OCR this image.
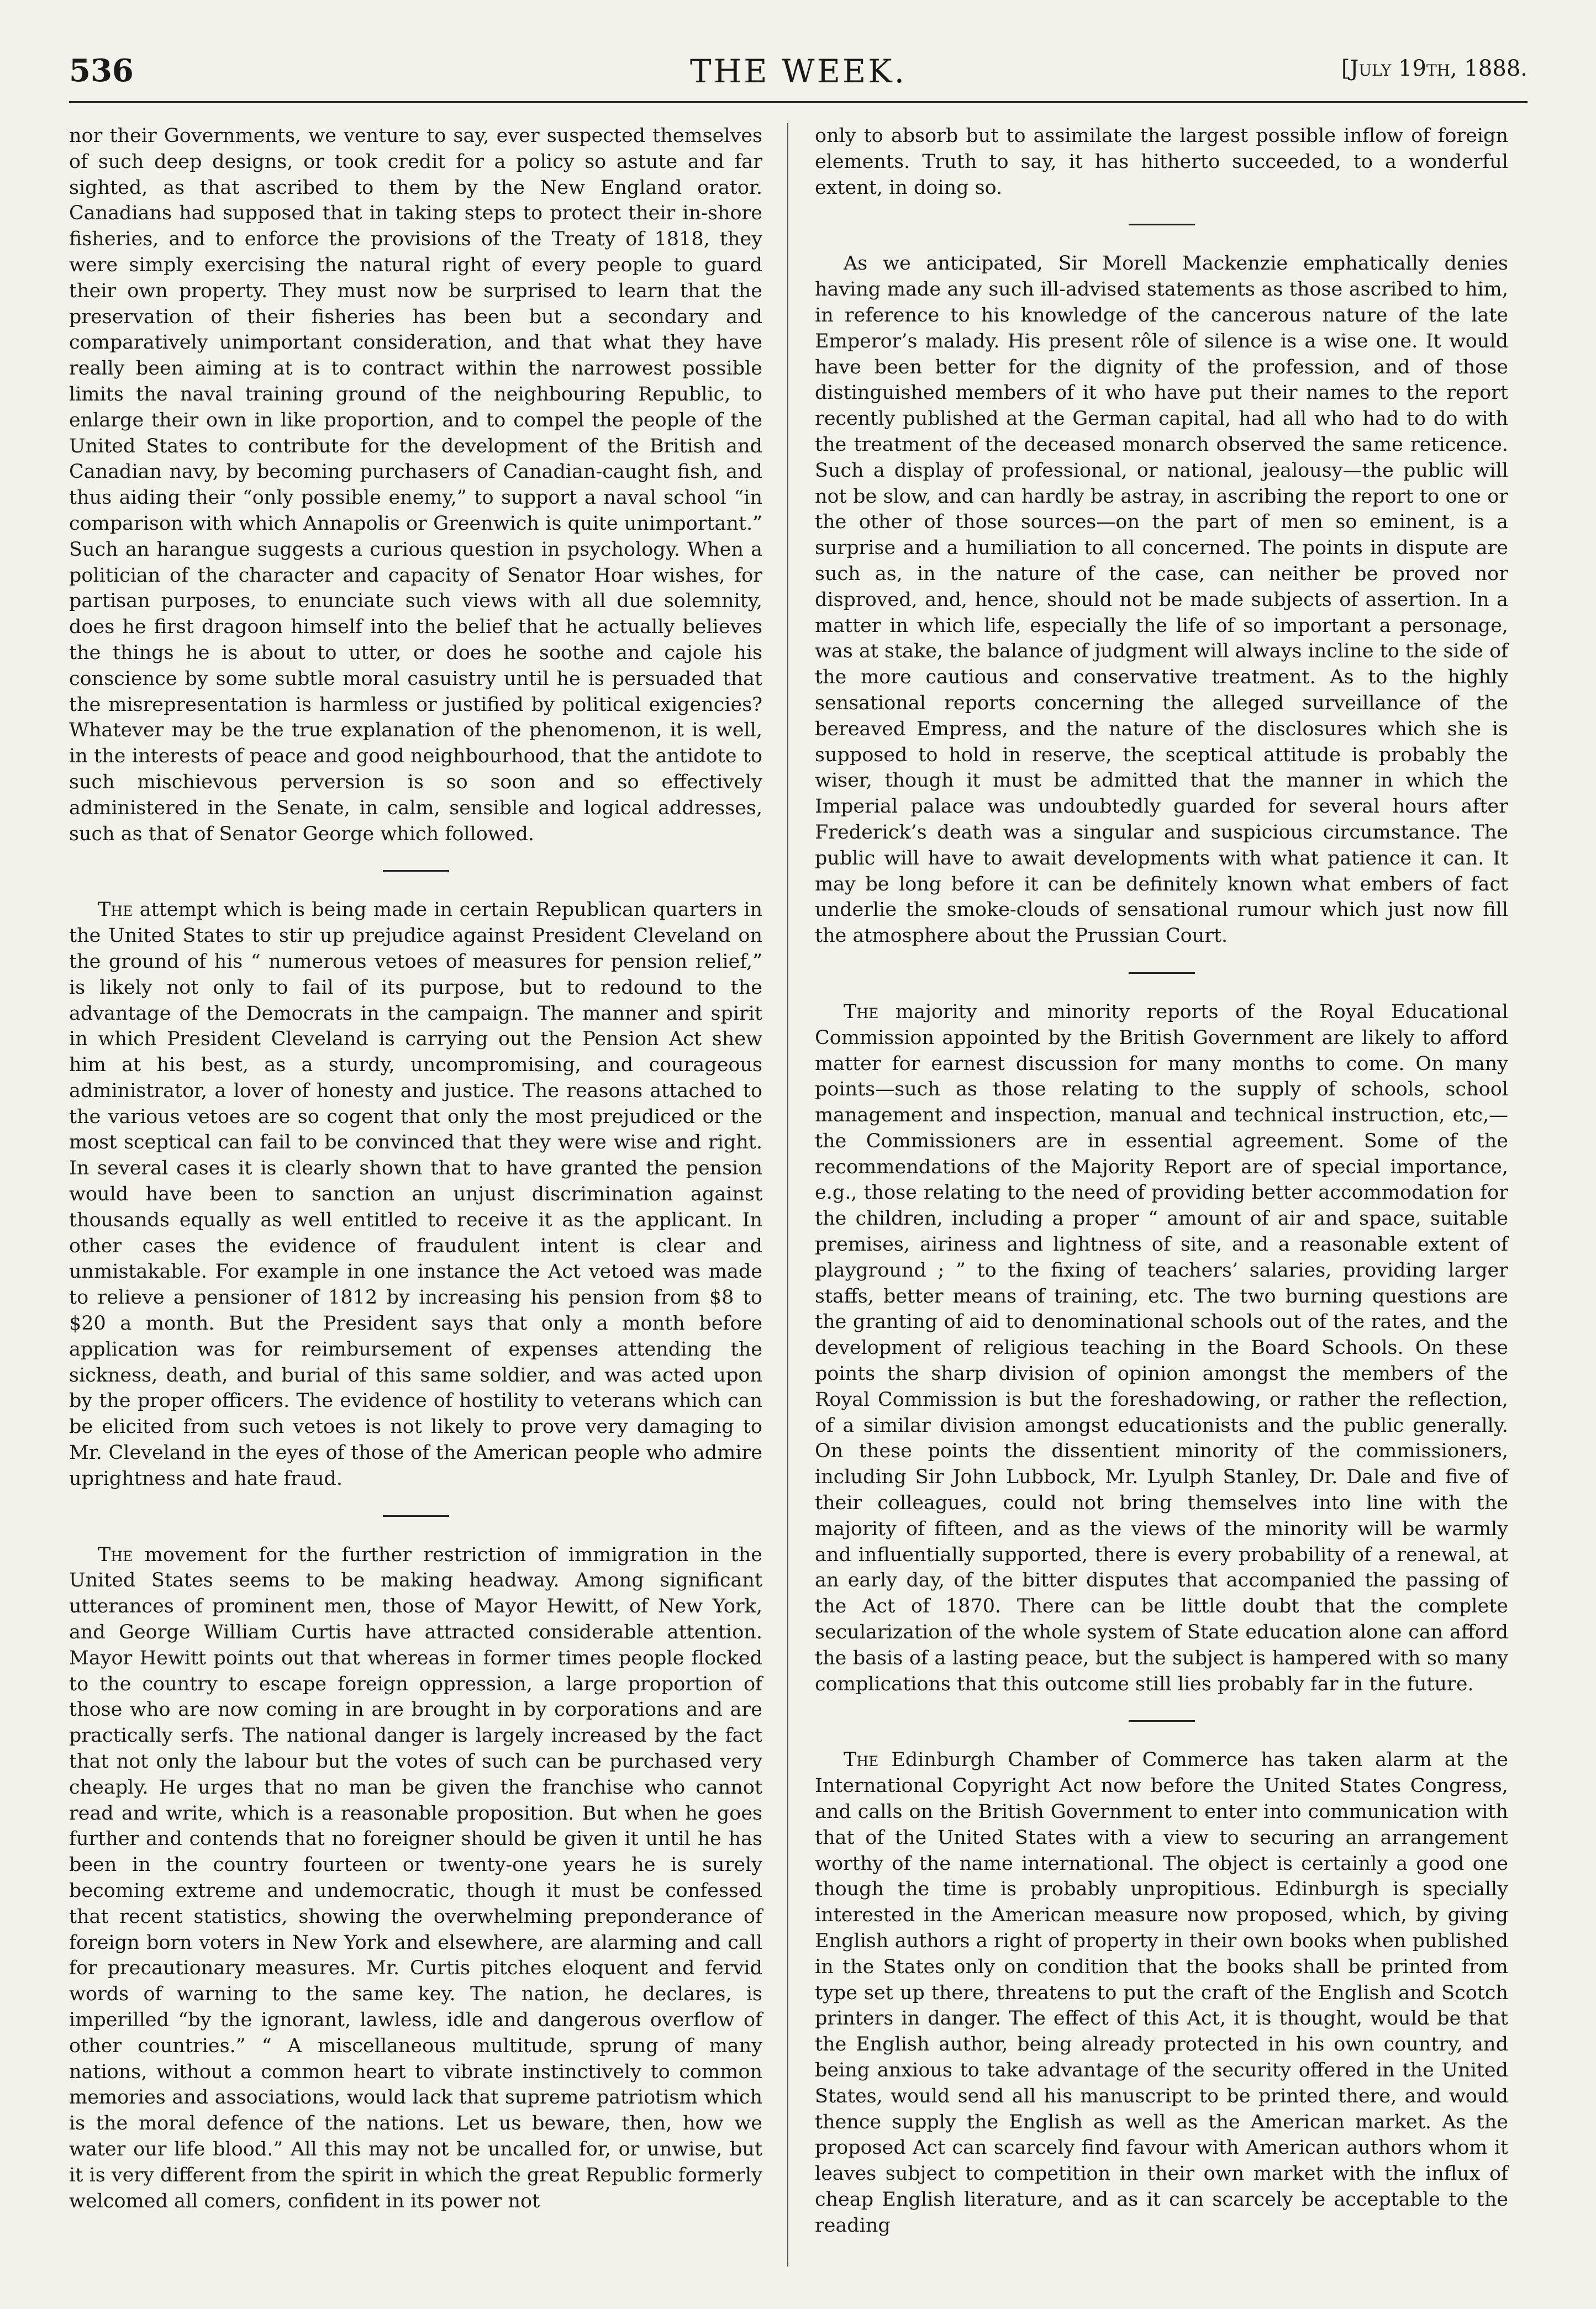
THE WEEK.
536	[July 19th, 1888.

nor their Governments, we venture to say, ever suspected themselves of such deep designs, or took credit for a policy so astute and far sighted, as that ascribed to them by the New England orator. Canadians had supposed that in taking steps to protect their in-shore fisheries, and to enforce the provisions of the Treaty of 1818, they were simply exercising the natural right of every people to guard their own property. They must now be surprised to learn that the preservation of their fisheries has been but a secondary and comparatively unimportant consideration, and that what they have really been aiming at is to contract within the narrowest possible limits the naval training ground of the neighbouring Republic, to enlarge their own in like proportion, and to compel the people of the United States to contribute for the development of the British and Canadian navy, by becoming purchasers of Canadian-caught fish, and thus aiding their “only possible enemy,” to support a naval school “in comparison with which Annapolis or Greenwich is quite unimportant.” Such an harangue suggests a curious question in psychology. When a politician of the character and capacity of Senator Hoar wishes, for partisan purposes, to enunciate such views with all due solemnity, does he first dragoon himself into the belief that he actually believes the things he is about to utter, or does he soothe and cajole his conscience by some subtle moral casuistry until he is persuaded that the misrepresentation is harmless or justified by political exigencies? Whatever may be the true explanation of the phenomenon, it is well, in the interests of peace and good neighbourhood, that the antidote to such mischievous perversion is so soon and so effectively administered in the Senate, in calm, sensible and logical addresses, such as that of Senator George which followed.

The attempt which is being made in certain Republican quarters in the United States to stir up prejudice against President Cleveland on the ground of his “ numerous vetoes of measures for pension relief,” is likely not only to fail of its purpose, but to redound to the advantage of the Democrats in the campaign. The manner and spirit in which President Cleveland is carrying out the Pension Act shew him at his best, as a sturdy, uncompromising, and courageous administrator, a lover of honesty and justice. The reasons attached to the various vetoes are so cogent that only the most prejudiced or the most sceptical can fail to be convinced that they were wise and right. In several cases it is clearly shown that to have granted the pension would have been to sanction an unjust discrimination against thousands equally as well entitled to receive it as the applicant. In other cases the evidence of fraudulent intent is clear and unmistakable. For example in one instance the Act vetoed was made to relieve a pensioner of 1812 by increasing his pension from $8 to $20 a month. But the President says that only a month before application was for reimbursement of expenses attending the sickness, death, and burial of this same soldier, and was acted upon by the proper officers. The evidence of hostility to veterans which can be elicited from such vetoes is not likely to prove very damaging to Mr. Cleveland in the eyes of those of the American people who admire uprightness and hate fraud.

The movement for the further restriction of immigration in the United States seems to be making headway. Among significant utterances of prominent men, those of Mayor Hewitt, of New York, and George William Curtis have attracted considerable attention. Mayor Hewitt points out that whereas in former times people flocked to the country to escape foreign oppression, a large proportion of those who are now coming in are brought in by corporations and are practically serfs. The national danger is largely increased by the fact that not only the labour but the votes of such can be purchased very cheaply. He urges that no man be given the franchise who cannot read and write, which is a reasonable proposition. But when he goes further and contends that no foreigner should be given it until he has been in the country fourteen or twenty-one years he is surely becoming extreme and undemocratic, though it must be confessed that recent statistics, showing the overwhelming preponderance of foreign born voters in New York and elsewhere, are alarming and call for precautionary measures. Mr. Curtis pitches eloquent and fervid words of warning to the same key. The nation, he declares, is imperilled “by the ignorant, lawless, idle and dangerous overflow of other countries.” “ A miscellaneous multitude, sprung of many nations, without a common heart to vibrate instinctively to common memories and associations, would lack that supreme patriotism which is the moral defence of the nations. Let us beware, then, how we water our life blood.” All this may not be uncalled for, or unwise, but it is very different from the spirit in which the great Republic formerly welcomed all comers, confident in its power not

only to absorb but to assimilate the largest possible inflow of foreign elements. Truth to say, it has hitherto succeeded, to a wonderful extent, in doing so.

As we anticipated, Sir Morell Mackenzie emphatically denies having made any such ill-advised statements as those ascribed to him, in reference to his knowledge of the cancerous nature of the late Emperor’s malady. His present rôle of silence is a wise one. It would have been better for the dignity of the profession, and of those distinguished members of it who have put their names to the report recently published at the German capital, had all who had to do with the treatment of the deceased monarch observed the same reticence. Such a display of professional, or national, jealousy—the public will not be slow, and can hardly be astray, in ascribing the report to one or the other of those sources—on the part of men so eminent, is a surprise and a humiliation to all concerned. The points in dispute are such as, in the nature of the case, can neither be proved nor disproved, and, hence, should not be made subjects of assertion. In a matter in which life, especially the life of so important a personage, was at stake, the balance of judgment will always incline to the side of the more cautious and conservative treatment. As to the highly sensational reports concerning the alleged surveillance of the bereaved Empress, and the nature of the disclosures which she is supposed to hold in reserve, the sceptical attitude is probably the wiser, though it must be admitted that the manner in which the Imperial palace was undoubtedly guarded for several hours after Frederick’s death was a singular and suspicious circumstance. The public will have to await developments with what patience it can. It may be long before it can be definitely known what embers of fact underlie the smoke-clouds of sensational rumour which just now fill the atmosphere about the Prussian Court.

The majority and minority reports of the Royal Educational Commission appointed by the British Government are likely to afford matter for earnest discussion for many months to come. On many points—such as those relating to the supply of schools, school management and inspection, manual and technical instruction, etc,—the Commissioners are in essential agreement. Some of the recommendations of the Majority Report are of special importance, e.g., those relating to the need of providing better accommodation for the children, including a proper “ amount of air and space, suitable premises, airiness and lightness of site, and a reasonable extent of playground ; ” to the fixing of teachers’ salaries, providing larger staffs, better means of training, etc. The two burning questions are the granting of aid to denominational schools out of the rates, and the development of religious teaching in the Board Schools. On these points the sharp division of opinion amongst the members of the Royal Commission is but the foreshadowing, or rather the reflection, of a similar division amongst educationists and the public generally. On these points the dissentient minority of the commissioners, including Sir John Lubbock, Mr. Lyulph Stanley, Dr. Dale and five of their colleagues, could not bring themselves into line with the majority of fifteen, and as the views of the minority will be warmly and influentially supported, there is every probability of a renewal, at an early day, of the bitter disputes that accompanied the passing of the Act of 1870. There can be little doubt that the complete secularization of the whole system of State education alone can afford the basis of a lasting peace, but the subject is hampered with so many complications that this outcome still lies probably far in the future.

The Edinburgh Chamber of Commerce has taken alarm at the International Copyright Act now before the United States Congress, and calls on the British Government to enter into communication with that of the United States with a view to securing an arrangement worthy of the name international. The object is certainly a good one though the time is probably unpropitious. Edinburgh is specially interested in the American measure now proposed, which, by giving English authors a right of property in their own books when published in the States only on condition that the books shall be printed from type set up there, threatens to put the craft of the English and Scotch printers in danger. The effect of this Act, it is thought, would be that the English author, being already protected in his own country, and being anxious to take advantage of the security offered in the United States, would send all his manuscript to be printed there, and would thence supply the English as well as the American market. As the proposed Act can scarcely find favour with American authors whom it leaves subject to competition in their own market with the influx of cheap English literature, and as it can scarcely be acceptable to the reading
